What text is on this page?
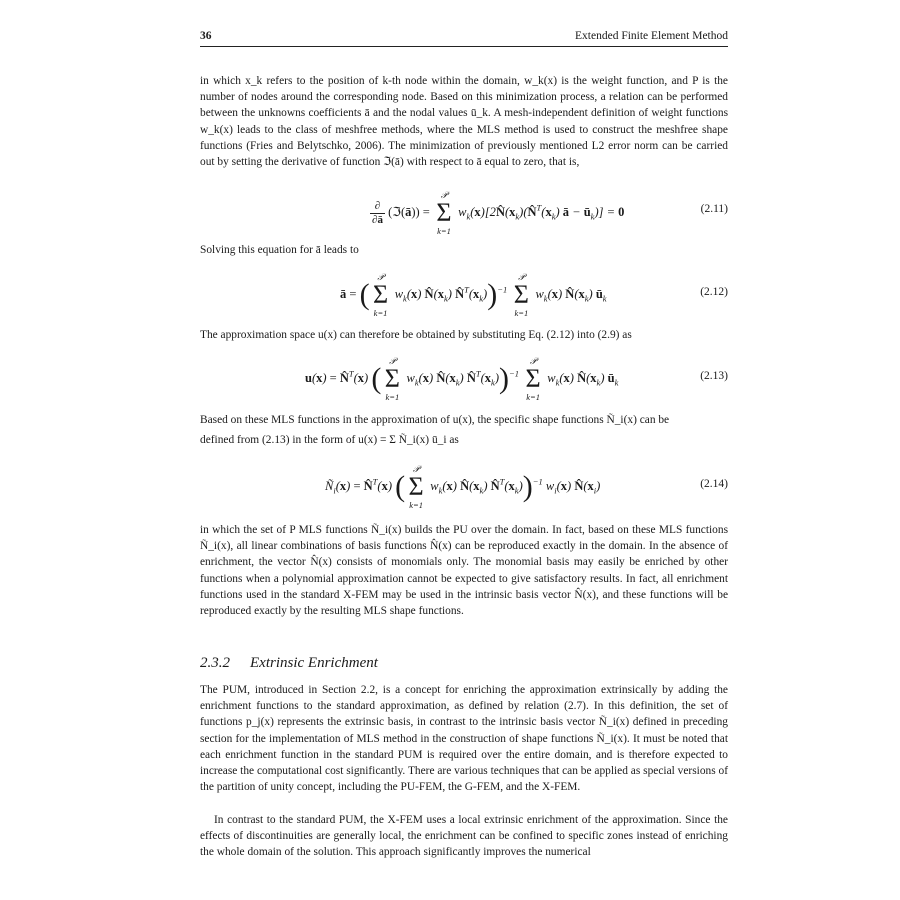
36	Extended Finite Element Method

in which x_k refers to the position of k-th node within the domain, w_k(x) is the weight function, and P is the number of nodes around the corresponding node. Based on this minimization process, a relation can be performed between the unknowns coefficients ā and the nodal values ū_k. A mesh-independent definition of weight functions w_k(x) leads to the class of meshfree methods, where the MLS method is used to construct the meshfree shape functions (Fries and Belytschko, 2006). The minimization of previously mentioned L2 error norm can be carried out by setting the derivative of function ℑ(ā) with respect to ā equal to zero, that is,

∂
∂ā (ℑ(ā)) =
𝒫
Σ
k=1
$w_k(x)[2N̂(x_k)(N̂^T(x_k)$ ā − $ū_k)] = 0$	(2.11)

Solving this equation for ā leads to

ā = (
𝒫
Σ
k=1
$w_k(x)$ $N̂(x_k)$ $N̂^T(x_k))^{-1}$
𝒫
Σ
k=1
$w_k(x)$ $N̂(x_k)$ $ū_k$
(2.12)

The approximation space u(x) can therefore be obtained by substituting Eq. (2.12) into (2.9) as

u(x) = N̂$^T$(x) (
𝒫
Σ
k=1
$w_k(x)$ $N̂(x_k)$ $N̂^T(x_k))^{-1}$
𝒫
Σ
k=1
$w_k(x)$ $N̂(x_k)$ $ū_k$
(2.13)

Based on these MLS functions in the approximation of u(x), the specific shape functions Ñ_i(x) can be

defined from (2.13) in the form of u(x) = Σ Ñ_i(x) ū_i as

$Ñ_i(x)$ = N̂$^T$(x) (
𝒫
Σ
k=1
$w_k(x)$ $N̂(x_k)$ $N̂^T(x_k))^{-1}$ $w_i(x)$ $N̂(x_i)$	(2.14)

in which the set of P MLS functions Ñ_i(x) builds the PU over the domain. In fact, based on these MLS functions Ñ_i(x), all linear combinations of basis functions N̂(x) can be reproduced exactly in the domain. In the absence of enrichment, the vector N̂(x) consists of monomials only. The monomial basis may easily be enriched by other functions when a polynomial approximation cannot be expected to give satisfactory results. In fact, all enrichment functions used in the standard X-FEM may be used in the intrinsic basis vector N̂(x), and these functions will be reproduced exactly by the resulting MLS shape functions.

2.3.2 Extrinsic Enrichment

The PUM, introduced in Section 2.2, is a concept for enriching the approximation extrinsically by adding the enrichment functions to the standard approximation, as defined by relation (2.7). In this definition, the set of functions p_j(x) represents the extrinsic basis, in contrast to the intrinsic basis vector Ñ_i(x) defined in preceding section for the implementation of MLS method in the construction of shape functions Ñ_i(x). It must be noted that each enrichment function in the standard PUM is required over the entire domain, and is therefore expected to increase the computational cost significantly. There are various techniques that can be applied as special versions of the partition of unity concept, including the PU-FEM, the G-FEM, and the X-FEM.

In contrast to the standard PUM, the X-FEM uses a local extrinsic enrichment of the approximation. Since the effects of discontinuities are generally local, the enrichment can be confined to specific zones instead of enriching the whole domain of the solution. This approach significantly improves the numerical
